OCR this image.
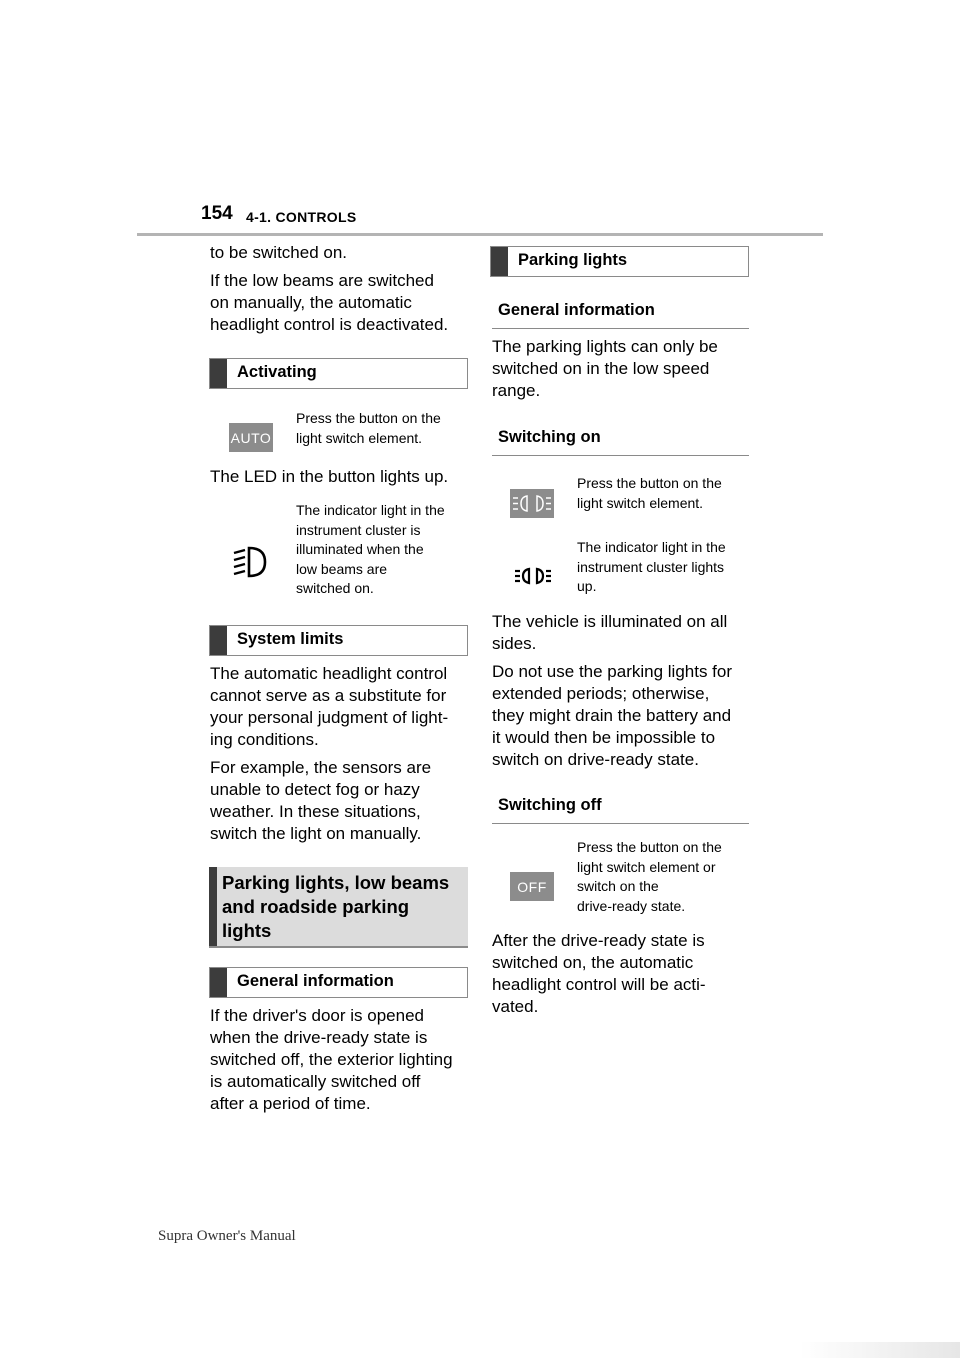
154 4-1. CONTROLS

to be switched on.

If the low beams are switched
on manually, the automatic
headlight control is deactivated.

Activating
AUTO

Press the button on the
light switch element.

The LED in the button lights up.

The indicator light in the
instrument cluster is
illuminated when the
low beams are
switched on.

System limits

The automatic headlight control
cannot serve as a substitute for
your personal judgment of light-
ing conditions.

For example, the sensors are
unable to detect fog or hazy
weather. In these situations,
switch the light on manually.

Parking lights, low beams
and roadside parking
lights
General information

If the driver's door is opened
when the drive-ready state is
switched off, the exterior lighting
is automatically switched off
after a period of time.

Parking lights
General information

The parking lights can only be
switched on in the low speed
range.

Switching on

Press the button on the
light switch element.

The indicator light in the
instrument cluster lights
up.

The vehicle is illuminated on all
sides.

Do not use the parking lights for
extended periods; otherwise,
they might drain the battery and
it would then be impossible to
switch on drive-ready state.

Switching off
OFF

Press the button on the
light switch element or
switch on the
drive-ready state.

After the drive-ready state is
switched on, the automatic
headlight control will be acti-
vated.

Supra Owner's Manual
